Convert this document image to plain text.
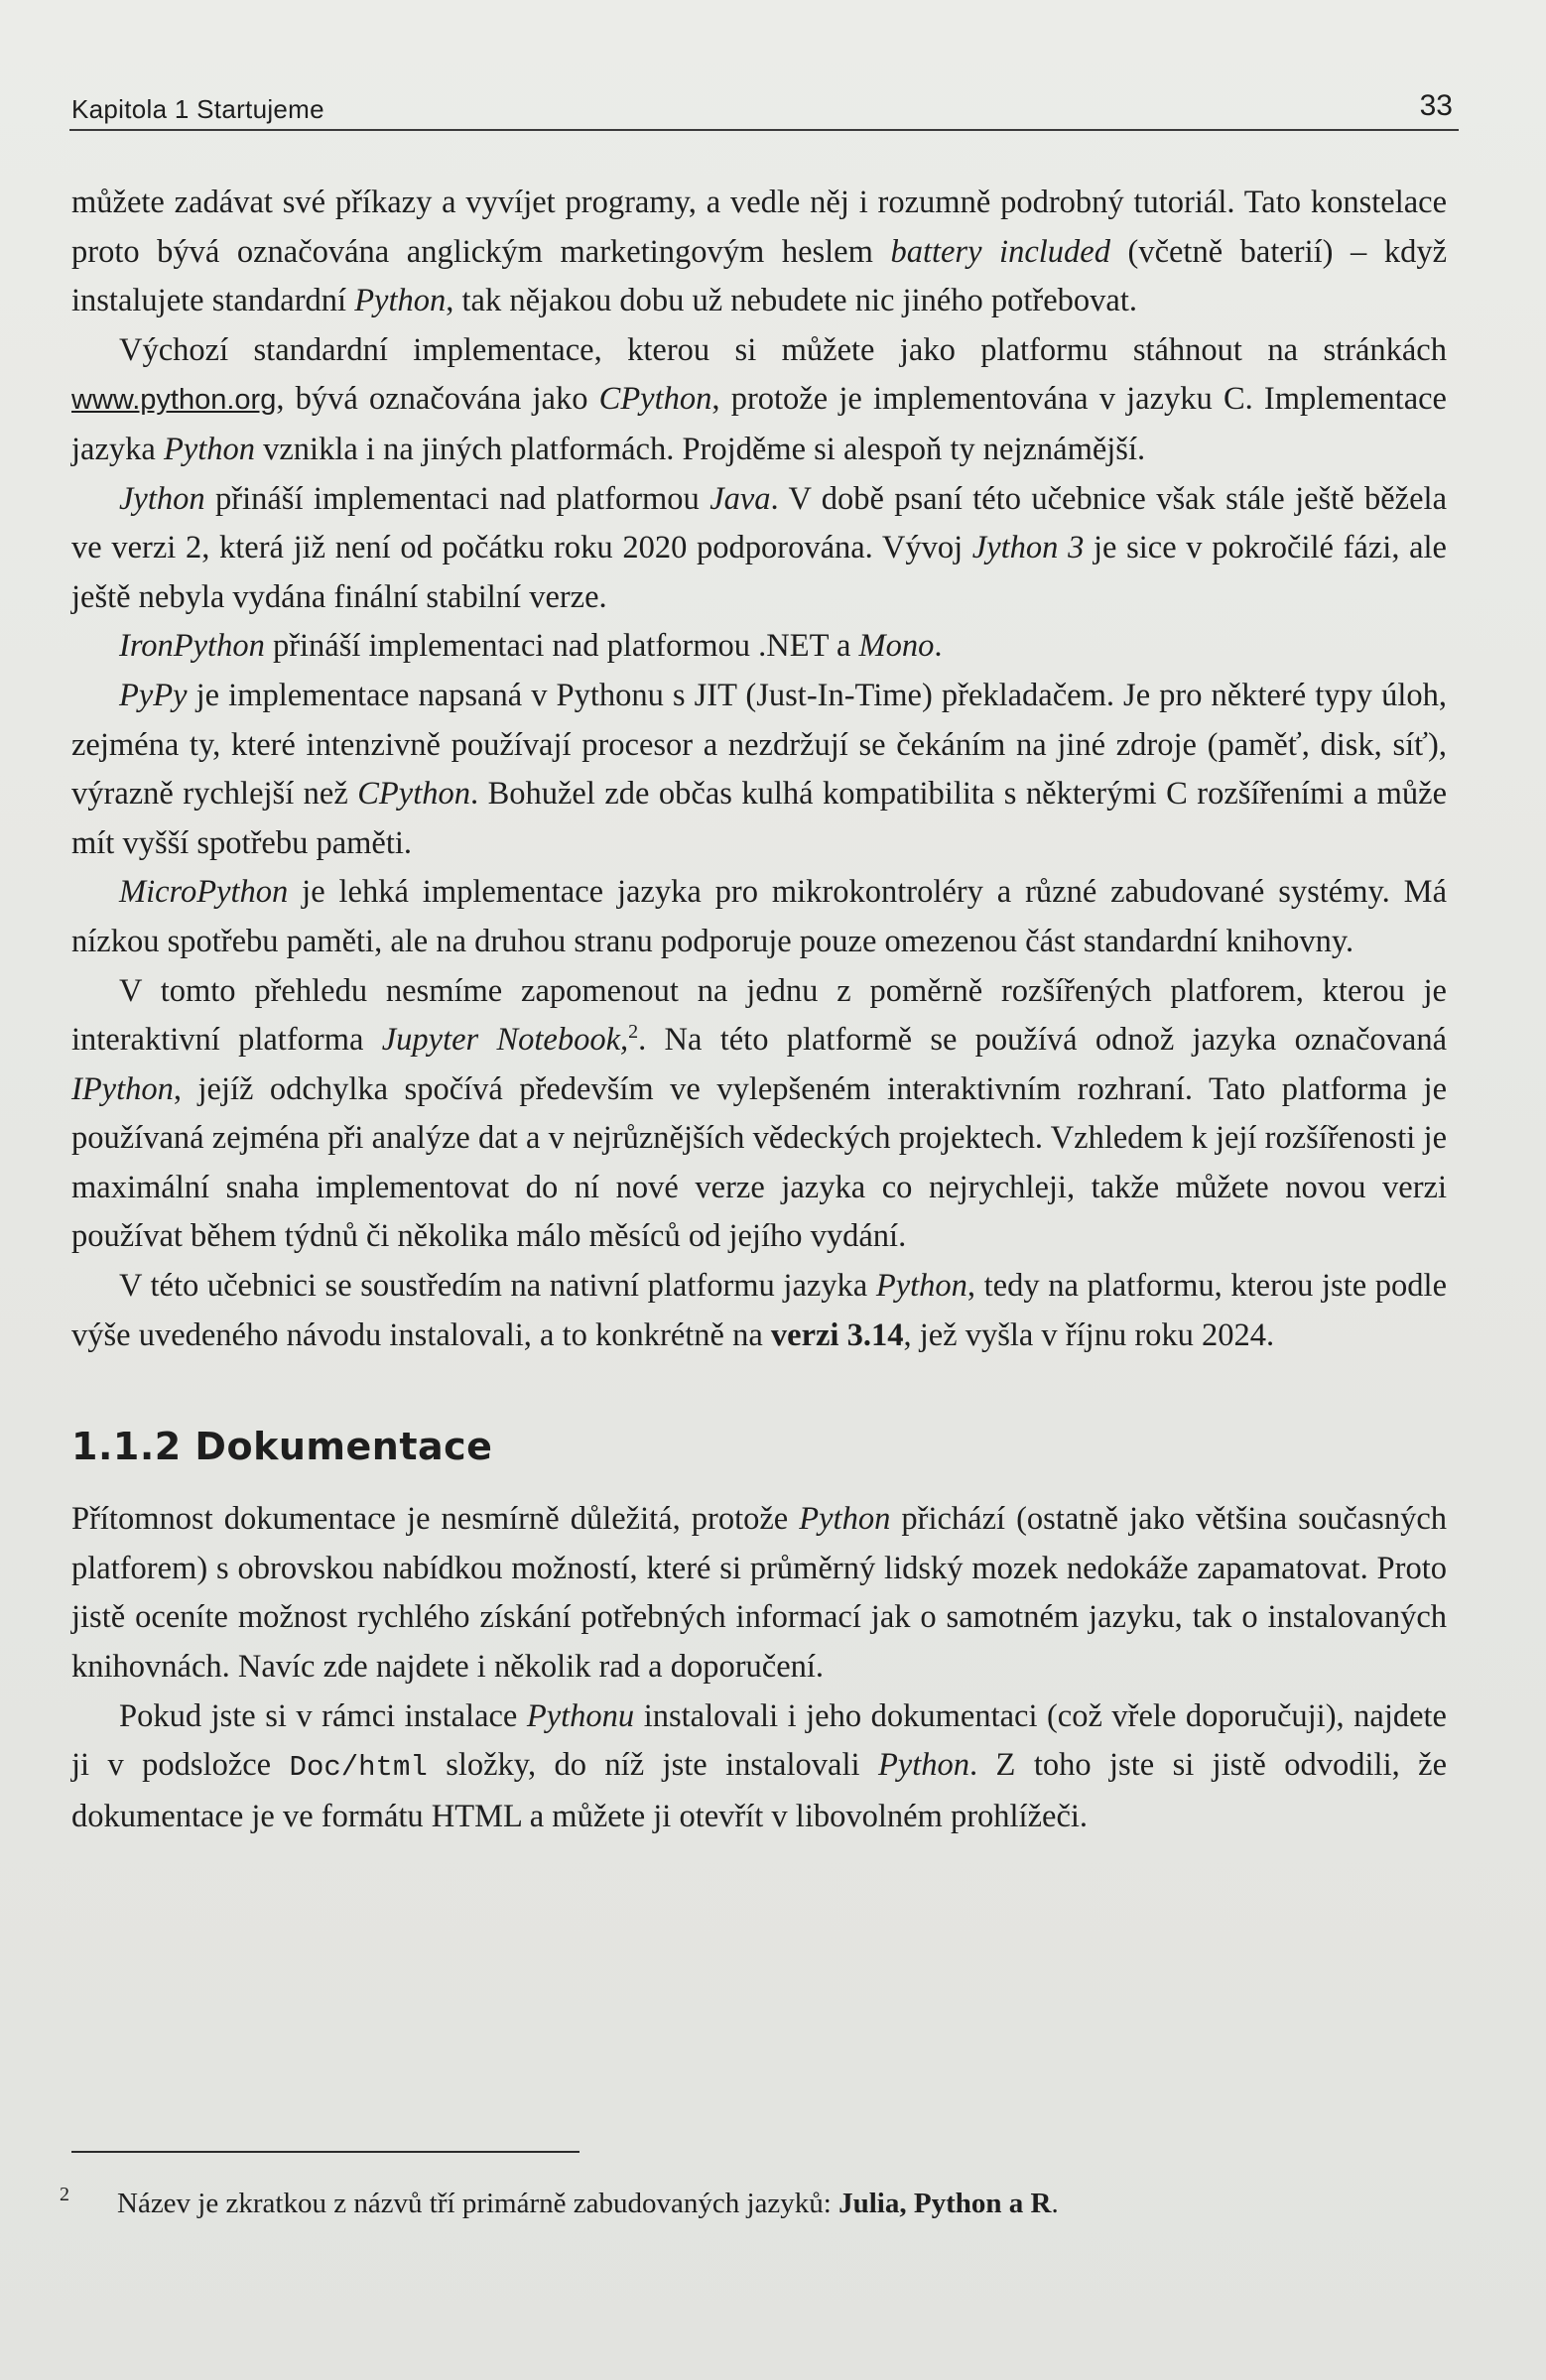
Kapitola 1 Startujeme	33

můžete zadávat své příkazy a vyvíjet programy, a vedle něj i rozumně podrobný tutoriál. Tato konstelace proto bývá označována anglickým marketingovým heslem battery included (včetně baterií) – když instalujete standardní Python, tak nějakou dobu už nebudete nic jiného potřebovat.

Výchozí standardní implementace, kterou si můžete jako platformu stáhnout na stránkách www.python.org, bývá označována jako CPython, protože je implementována v jazyku C. Implementace jazyka Python vznikla i na jiných platformách. Projděme si alespoň ty nejznámější.

Jython přináší implementaci nad platformou Java. V době psaní této učebnice však stále ještě běžela ve verzi 2, která již není od počátku roku 2020 podporována. Vývoj Jython 3 je sice v pokročilé fázi, ale ještě nebyla vydána finální stabilní verze.

IronPython přináší implementaci nad platformou .NET a Mono.

PyPy je implementace napsaná v Pythonu s JIT (Just-In-Time) překladačem. Je pro některé typy úloh, zejména ty, které intenzivně používají procesor a nezdržují se čekáním na jiné zdroje (paměť, disk, síť), výrazně rychlejší než CPython. Bohužel zde občas kulhá kompatibilita s některými C rozšířeními a může mít vyšší spotřebu paměti.

MicroPython je lehká implementace jazyka pro mikrokontroléry a různé zabudované systémy. Má nízkou spotřebu paměti, ale na druhou stranu podporuje pouze omezenou část standardní knihovny.

V tomto přehledu nesmíme zapomenout na jednu z poměrně rozšířených platforem, kterou je interaktivní platforma Jupyter Notebook,$^2$. Na této platformě se používá odnož jazyka označovaná IPython, jejíž odchylka spočívá především ve vylepšeném interaktivním rozhraní. Tato platforma je používaná zejména při analýze dat a v nejrůznějších vědeckých projektech. Vzhledem k její rozšířenosti je maximální snaha implementovat do ní nové verze jazyka co nejrychleji, takže můžete novou verzi používat během týdnů či několika málo měsíců od jejího vydání.

V této učebnici se soustředím na nativní platformu jazyka Python, tedy na platformu, kterou jste podle výše uvedeného návodu instalovali, a to konkrétně na verzi 3.14, jež vyšla v říjnu roku 2024.

1.1.2 Dokumentace

Přítomnost dokumentace je nesmírně důležitá, protože Python přichází (ostatně jako většina současných platforem) s obrovskou nabídkou možností, které si průměrný lidský mozek nedokáže zapamatovat. Proto jistě oceníte možnost rychlého získání potřebných informací jak o samotném jazyku, tak o instalovaných knihovnách. Navíc zde najdete i několik rad a doporučení.

Pokud jste si v rámci instalace Pythonu instalovali i jeho dokumentaci (což vřele doporučuji), najdete ji v podsložce Doc/html složky, do níž jste instalovali Python. Z toho jste si jistě odvodili, že dokumentace je ve formátu HTML a můžete ji otevřít v libovolném prohlížeči.

2 Název je zkratkou z názvů tří primárně zabudovaných jazyků: Julia, Python a R.
